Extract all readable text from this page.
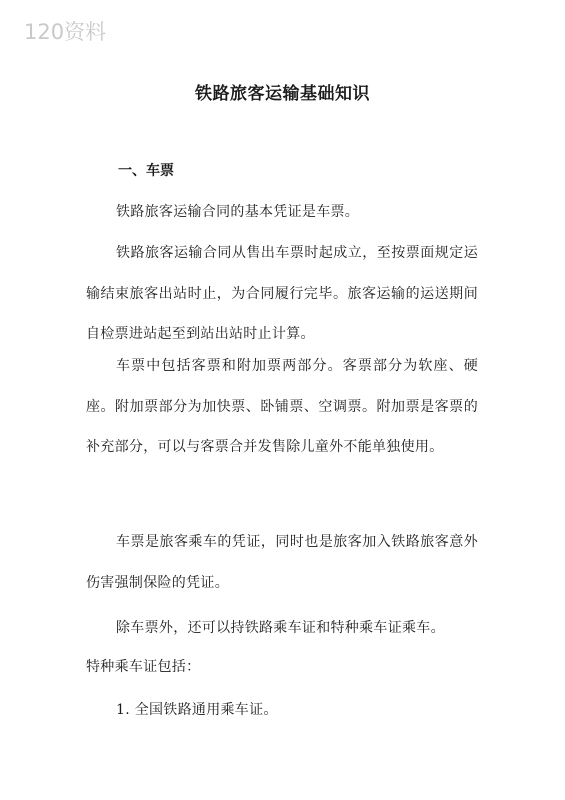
120资料
铁路旅客运输基础知识
一、车票

铁路旅客运输合同的基本凭证是车票。

铁路旅客运输合同从售出车票时起成立，至按票面规定运输结束旅客出站时止，为合同履行完毕。旅客运输的运送期间自检票进站起至到站出站时止计算。

车票中包括客票和附加票两部分。客票部分为软座、硬座。附加票部分为加快票、卧铺票、空调票。附加票是客票的补充部分，可以与客票合并发售除儿童外不能单独使用。

车票是旅客乘车的凭证，同时也是旅客加入铁路旅客意外伤害强制保险的凭证。

除车票外，还可以持铁路乘车证和特种乘车证乘车。

特种乘车证包括：

1. 全国铁路通用乘车证。
